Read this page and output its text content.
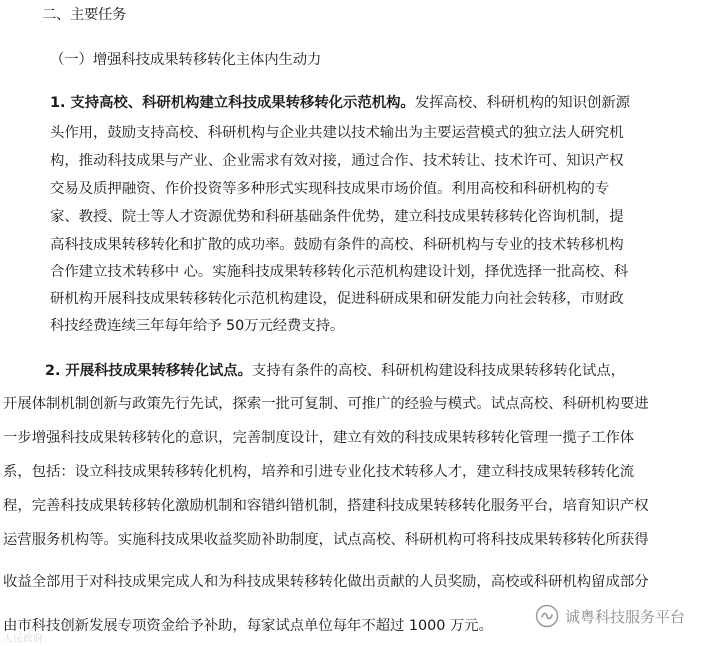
二、主要任务
（一）增强科技成果转移转化主体内生动力
1. 支持高校、科研机构建立科技成果转移转化示范机构。发挥高校、科研机构的知识创新源
头作用，鼓励支持高校、科研机构与企业共建以技术输出为主要运营模式的独立法人研究机
构，推动科技成果与产业、企业需求有效对接，通过合作、技术转让、技术许可、知识产权
交易及质押融资、作价投资等多种形式实现科技成果市场价值。利用高校和科研机构的专
家、教授、院士等人才资源优势和科研基础条件优势，建立科技成果转移转化咨询机制，提
高科技成果转移转化和扩散的成功率。鼓励有条件的高校、科研机构与专业的技术转移机构
合作建立技术转移中 心。实施科技成果转移转化示范机构建设计划，择优选择一批高校、科
研机构开展科技成果转移转化示范机构建设，促进科研成果和研发能力向社会转移，市财政
科技经费连续三年每年给予 50万元经费支持。
2. 开展科技成果转移转化试点。支持有条件的高校、科研机构建设科技成果转移转化试点，
开展体制机制创新与政策先行先试，探索一批可复制、可推广的经验与模式。试点高校、科研机构要进
一步增强科技成果转移转化的意识，完善制度设计，建立有效的科技成果转移转化管理一揽子工作体
系，包括：设立科技成果转移转化机构，培养和引进专业化技术转移人才，建立科技成果转移转化流
程，完善科技成果转移转化激励机制和容错纠错机制，搭建科技成果转移转化服务平台，培育知识产权
运营服务机构等。实施科技成果收益奖励补助制度，试点高校、科研机构可将科技成果转移转化所获得
收益全部用于对科技成果完成人和为科技成果转移转化做出贡献的人员奖励，高校或科研机构留成部分
由市科技创新发展专项资金给予补助，每家试点单位每年不超过 1000 万元。
诚粤科技服务平台
人民政府
